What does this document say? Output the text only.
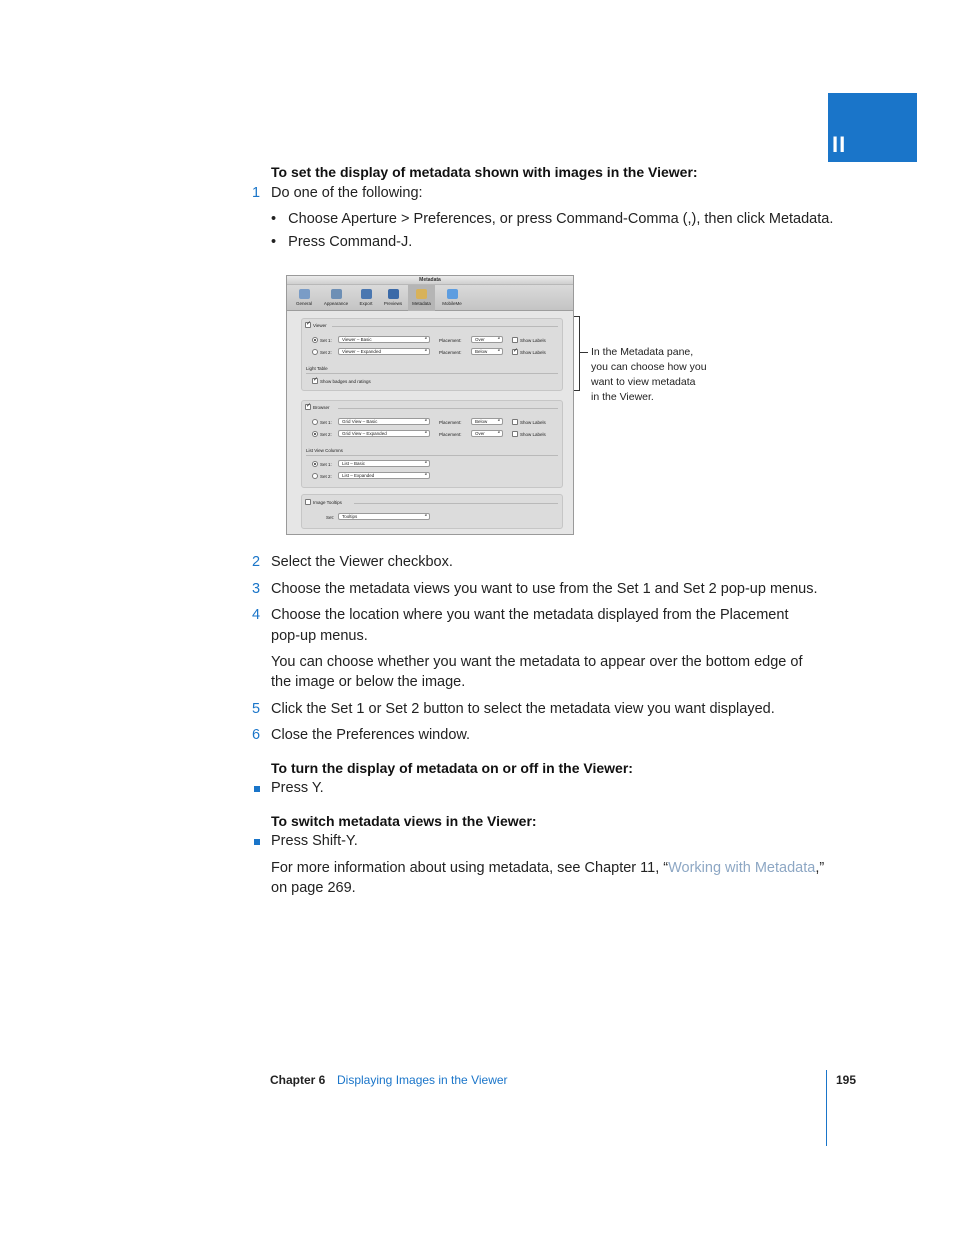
II
To set the display of metadata shown with images in the Viewer:
1 Do one of the following:
•   Choose Aperture > Preferences, or press Command-Comma (,), then click Metadata.
•   Press Command-J.
Metadata
General	Appearance	Export	Previews	Metadata	MobileMe
✓
Viewer
Set 1:	Viewer – Basic ⇕	Placement:	Over ⇕	Show Labels
Set 2:	Viewer – Expanded ⇕	Placement:	Below ⇕
✓	Show Labels
Light Table
✓
Show badges and ratings
✓
Browser
Set 1:	Grid View – Basic ⇕	Placement:	Below ⇕	Show Labels
Set 2:	Grid View – Expanded ⇕	Placement:	Over ⇕	Show Labels
List View Columns
Set 1:	List – Basic ⇕
Set 2:	List – Expanded ⇕
Image Tooltips
Set:	Tooltips ⇕
In the Metadata pane,
you can choose how you
want to view metadata
in the Viewer.
2 Select the Viewer checkbox.
3 Choose the metadata views you want to use from the Set 1 and Set 2 pop-up menus.
4 Choose the location where you want the metadata displayed from the Placement
pop-up menus.
You can choose whether you want the metadata to appear over the bottom edge of
the image or below the image.
5 Click the Set 1 or Set 2 button to select the metadata view you want displayed.
6 Close the Preferences window.
To turn the display of metadata on or off in the Viewer:
Press Y.
To switch metadata views in the Viewer:
Press Shift-Y.
For more information about using metadata, see Chapter 11, “Working with Metadata,”
on page 269.
Chapter 6 Displaying Images in the Viewer	195
